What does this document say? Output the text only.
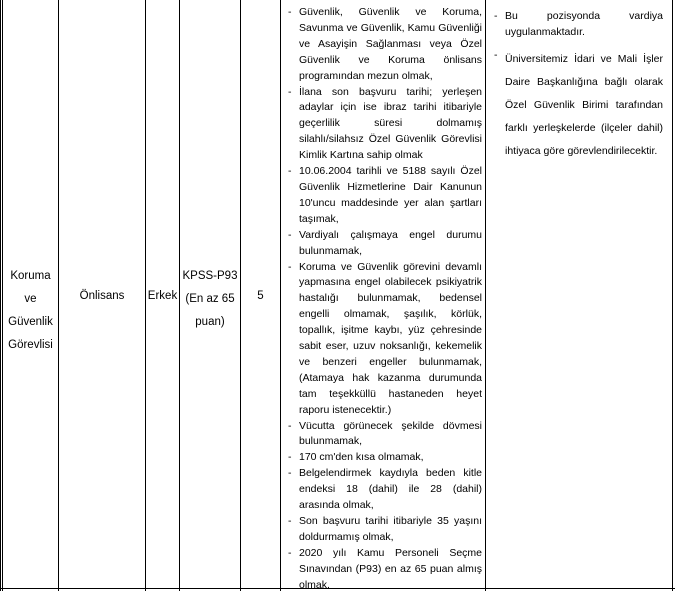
Koruma ve
Güvenlik
Görevlisi
Önlisans	Erkek
KPSS-P93
(En az 65
puan)
5
- Güvenlik, Güvenlik ve Koruma, Savunma ve Güvenlik, Kamu Güvenliği ve Asayişin Sağlanması veya Özel Güvenlik ve Koruma önlisans programından mezun olmak,
- İlana son başvuru tarihi; yerleşen adaylar için ise ibraz tarihi itibariyle geçerlilik süresi dolmamış silahlı/silahsız Özel Güvenlik Görevlisi Kimlik Kartına sahip olmak
- 10.06.2004 tarihli ve 5188 sayılı Özel Güvenlik Hizmetlerine Dair Kanunun 10'uncu maddesinde yer alan şartları taşımak,
- Vardiyalı çalışmaya engel durumu bulunmamak,
- Koruma ve Güvenlik görevini devamlı yapmasına engel olabilecek psikiyatrik hastalığı bulunmamak, bedensel engelli olmamak, şaşılık, körlük, topallık, işitme kaybı, yüz çehresinde sabit eser, uzuv noksanlığı, kekemelik ve benzeri engeller bulunmamak, (Atamaya hak kazanma durumunda tam teşekküllü hastaneden heyet raporu istenecektir.)
- Vücutta görünecek şekilde dövmesi bulunmamak,
- 170 cm'den kısa olmamak,
- Belgelendirmek kaydıyla beden kitle endeksi 18 (dahil) ile 28 (dahil) arasında olmak,
- Son başvuru tarihi itibariyle 35 yaşını doldurmamış olmak,
- 2020 yılı Kamu Personeli Seçme Sınavından (P93) en az 65 puan almış olmak.
- Bu pozisyonda vardiya uygulanmaktadır.
- Üniversitemiz İdari ve Mali İşler Daire Başkanlığına bağlı olarak Özel Güvenlik Birimi tarafından farklı yerleşkelerde (ilçeler dahil) ihtiyaca göre görevlendirilecektir.
